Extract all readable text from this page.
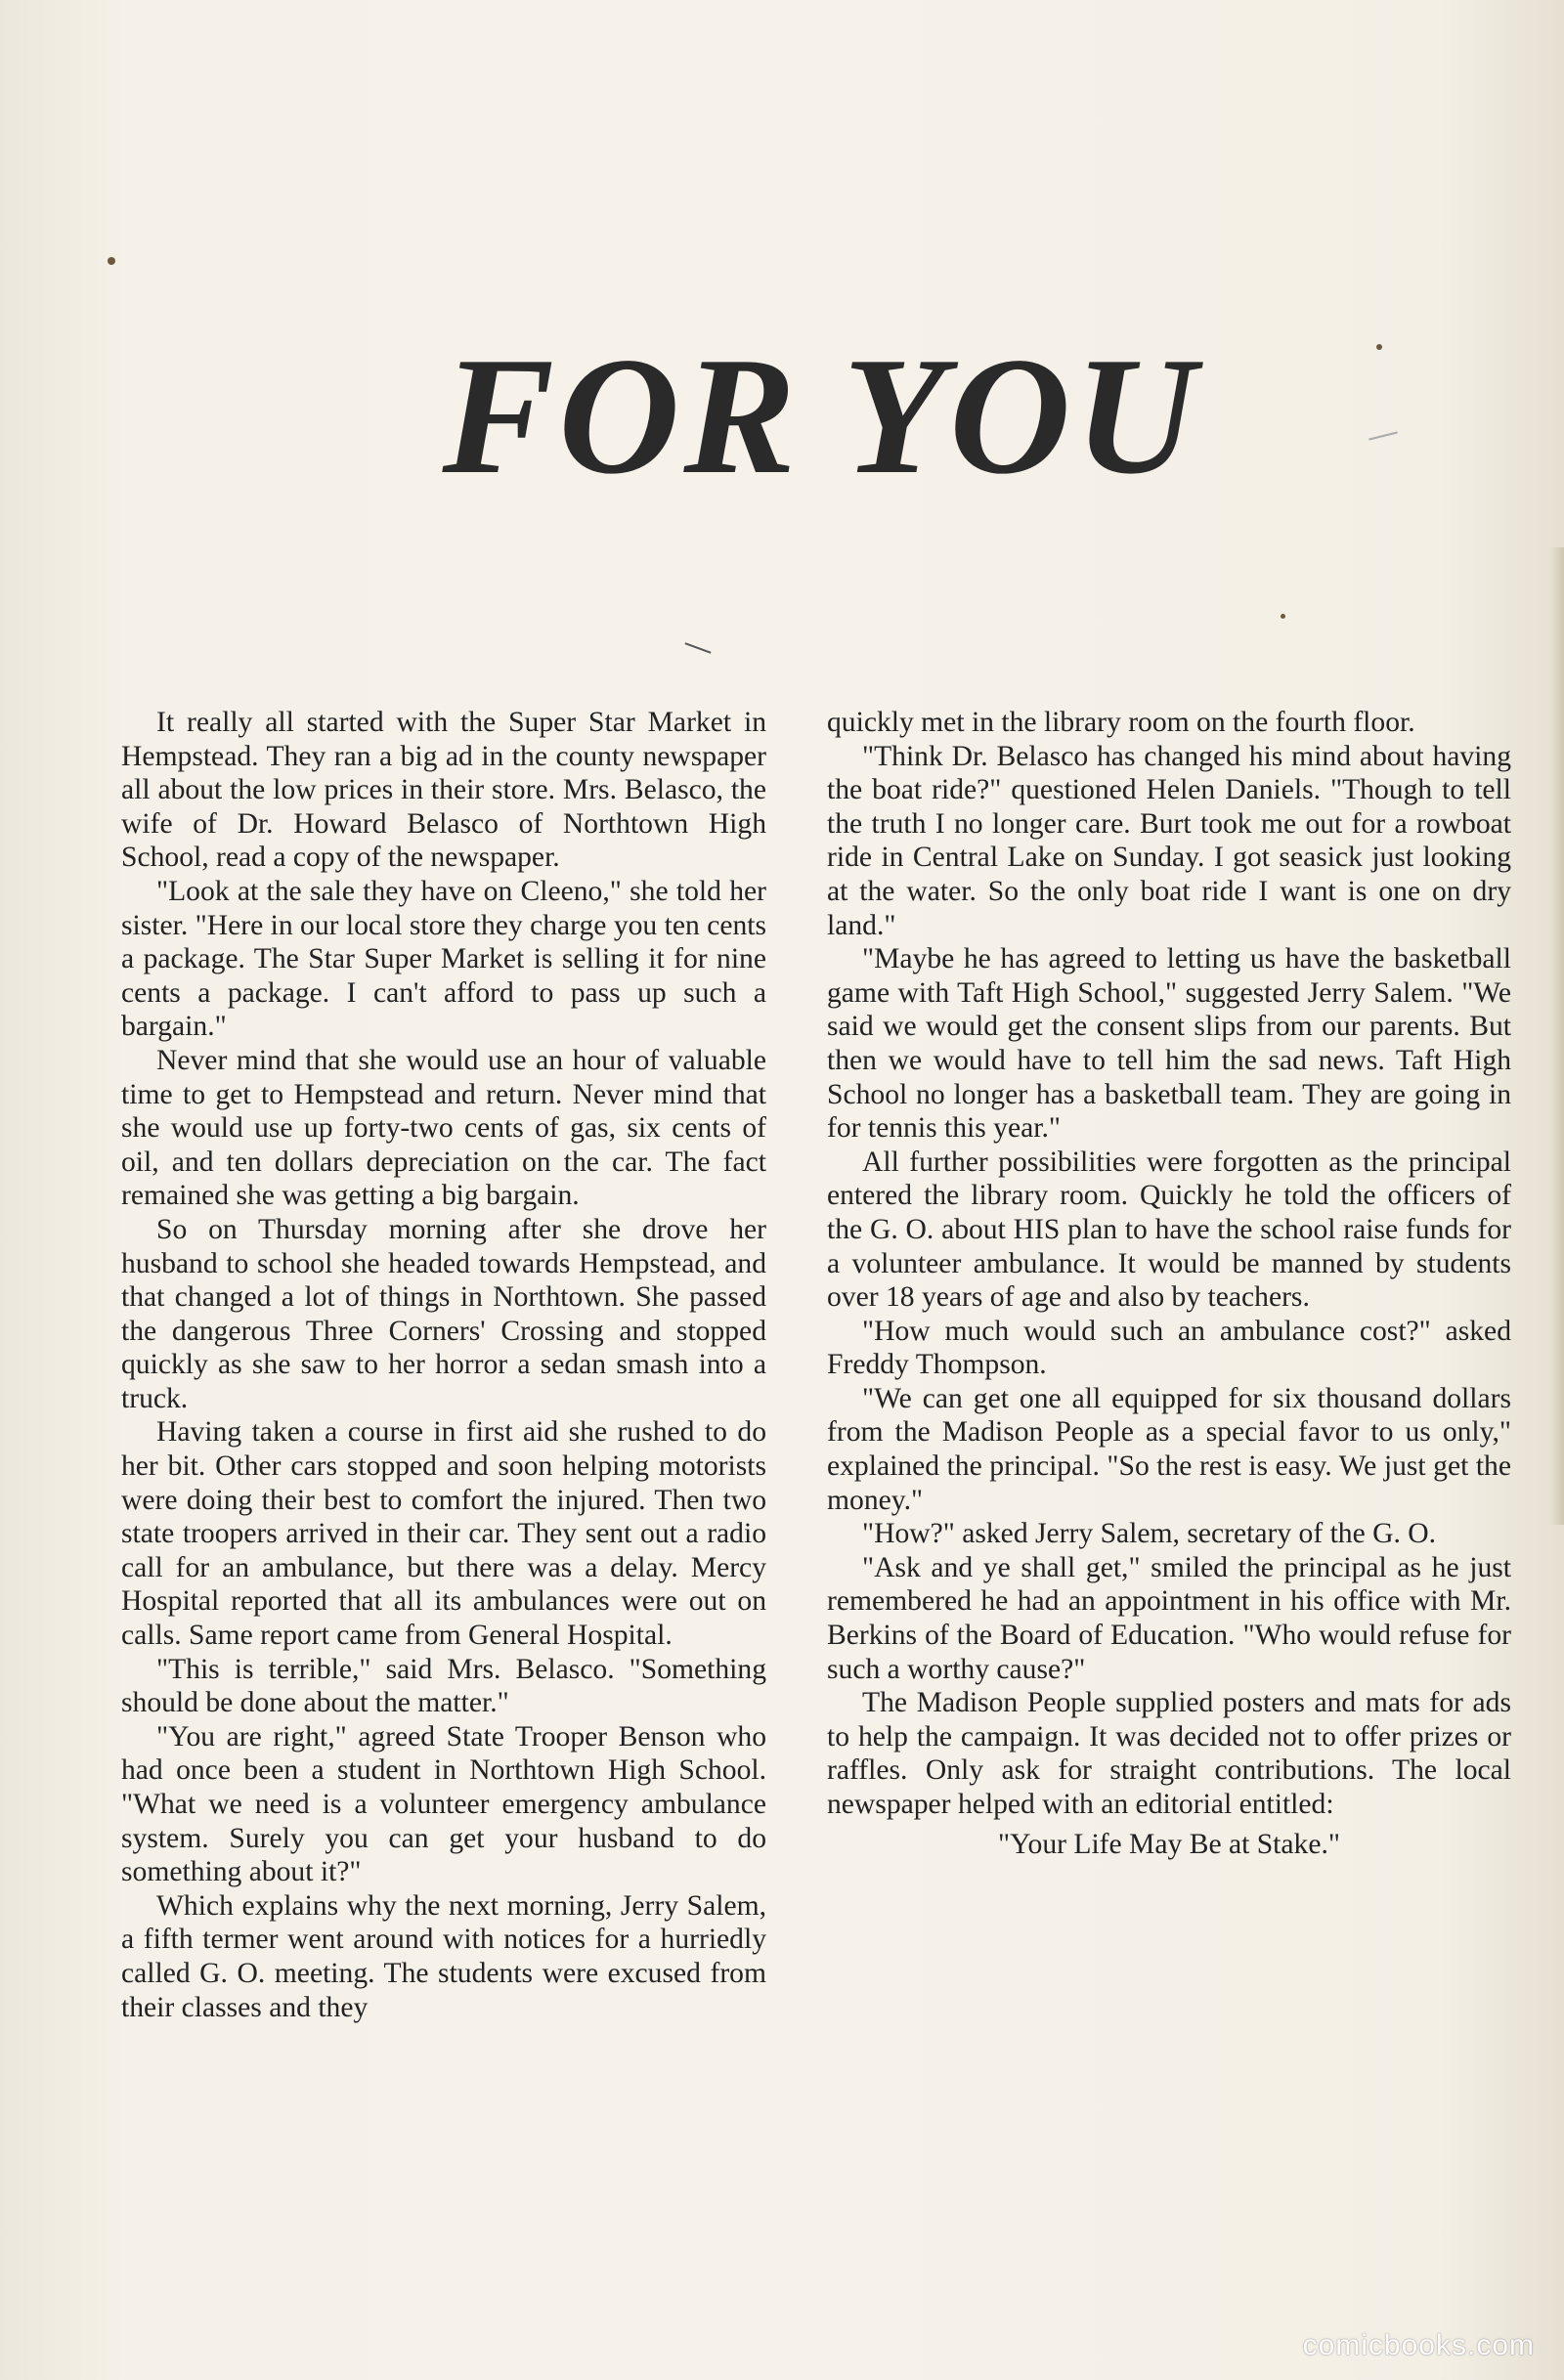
FOR YOU

It really all started with the Super Star Market in Hempstead. They ran a big ad in the county newspaper all about the low prices in their store. Mrs. Belasco, the wife of Dr. Howard Belasco of Northtown High School, read a copy of the newspaper.

"Look at the sale they have on Cleeno," she told her sister. "Here in our local store they charge you ten cents a package. The Star Super Market is selling it for nine cents a package. I can't afford to pass up such a bargain."

Never mind that she would use an hour of valuable time to get to Hempstead and return. Never mind that she would use up forty-two cents of gas, six cents of oil, and ten dollars depreciation on the car. The fact remained she was getting a big bargain.

So on Thursday morning after she drove her husband to school she headed towards Hempstead, and that changed a lot of things in Northtown. She passed the dangerous Three Corners' Crossing and stopped quickly as she saw to her horror a sedan smash into a truck.

Having taken a course in first aid she rushed to do her bit. Other cars stopped and soon helping motorists were doing their best to comfort the injured. Then two state troopers arrived in their car. They sent out a radio call for an ambulance, but there was a delay. Mercy Hospital reported that all its ambulances were out on calls. Same report came from General Hospital.

"This is terrible," said Mrs. Belasco. "Something should be done about the matter."

"You are right," agreed State Trooper Benson who had once been a student in Northtown High School. "What we need is a volunteer emergency ambulance system. Surely you can get your husband to do something about it?"

Which explains why the next morning, Jerry Salem, a fifth termer went around with notices for a hurriedly called G. O. meeting. The students were excused from their classes and they

quickly met in the library room on the fourth floor.

"Think Dr. Belasco has changed his mind about having the boat ride?" questioned Helen Daniels. "Though to tell the truth I no longer care. Burt took me out for a rowboat ride in Central Lake on Sunday. I got seasick just looking at the water. So the only boat ride I want is one on dry land."

"Maybe he has agreed to letting us have the basketball game with Taft High School," suggested Jerry Salem. "We said we would get the consent slips from our parents. But then we would have to tell him the sad news. Taft High School no longer has a basketball team. They are going in for tennis this year."

All further possibilities were forgotten as the principal entered the library room. Quickly he told the officers of the G. O. about HIS plan to have the school raise funds for a volunteer ambulance. It would be manned by students over 18 years of age and also by teachers.

"How much would such an ambulance cost?" asked Freddy Thompson.

"We can get one all equipped for six thousand dollars from the Madison People as a special favor to us only," explained the principal. "So the rest is easy. We just get the money."

"How?" asked Jerry Salem, secretary of the G. O.

"Ask and ye shall get," smiled the principal as he just remembered he had an appointment in his office with Mr. Berkins of the Board of Education. "Who would refuse for such a worthy cause?"

The Madison People supplied posters and mats for ads to help the campaign. It was decided not to offer prizes or raffles. Only ask for straight contributions. The local newspaper helped with an editorial entitled:

"Your Life May Be at Stake."

comicbooks.com
